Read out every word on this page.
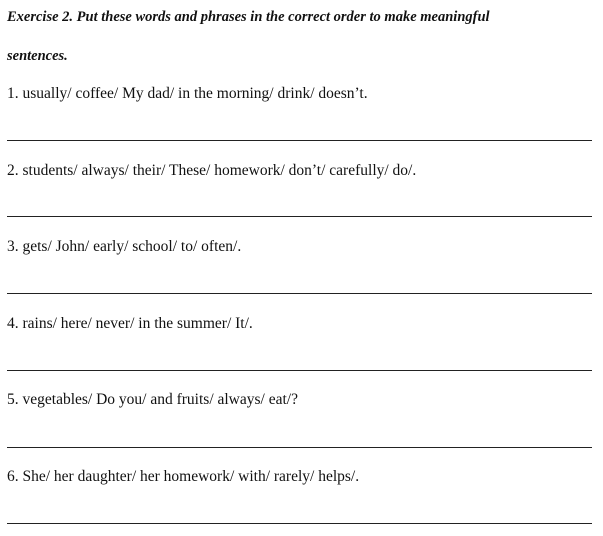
Exercise 2. Put these words and phrases in the correct order to make meaningful
sentences.
1. usually/ coffee/ My dad/ in the morning/ drink/ doesn’t.
2. students/ always/ their/ These/ homework/ don’t/ carefully/ do/.
3. gets/ John/ early/ school/ to/ often/.
4. rains/ here/ never/ in the summer/ It/.
5. vegetables/ Do you/ and fruits/ always/ eat/?
6. She/ her daughter/ her homework/ with/ rarely/ helps/.
